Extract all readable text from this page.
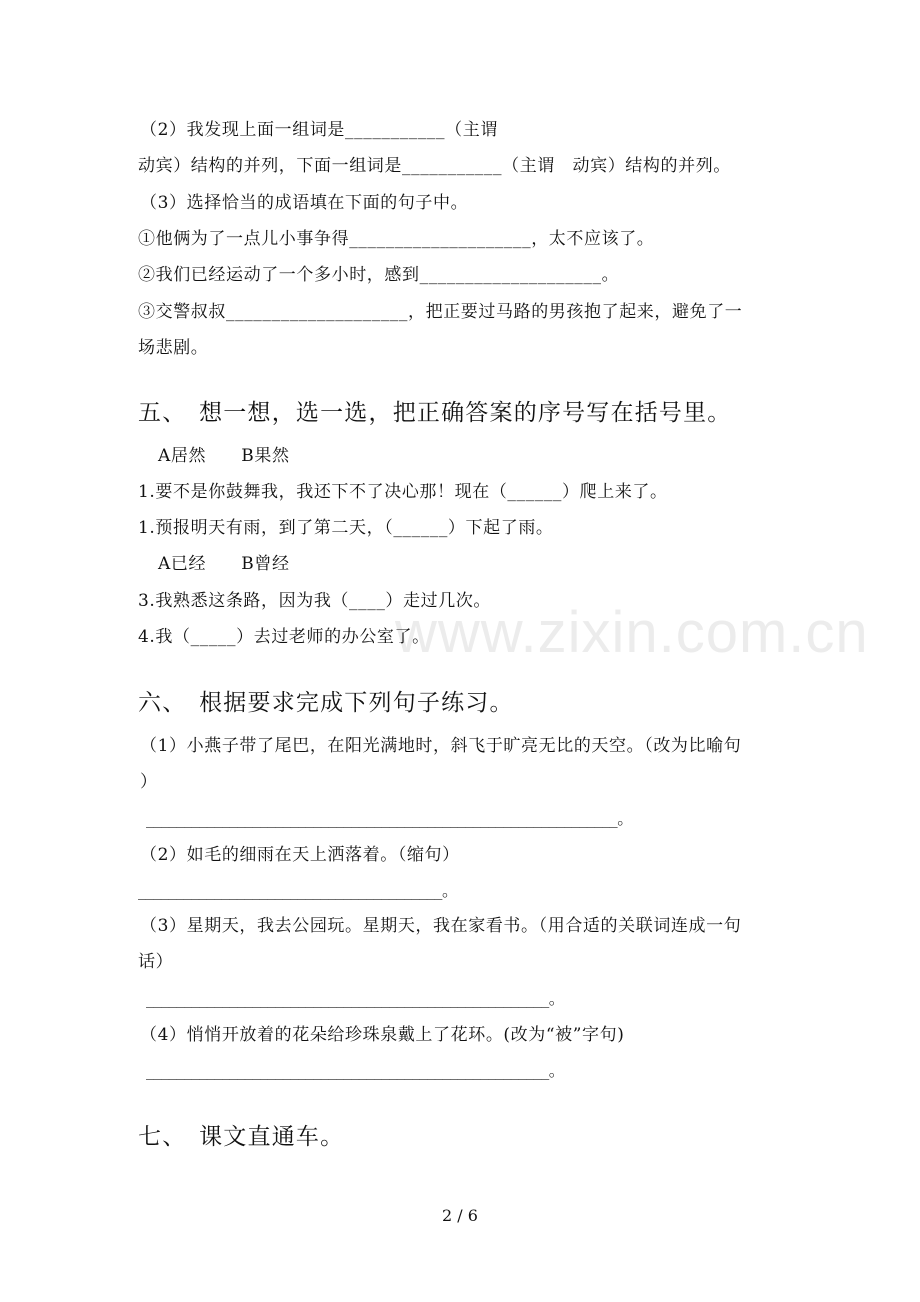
www.zixin.com.cn
（2）我发现上面一组词是___________（主谓
动宾）结构的并列，下面一组词是___________（主谓　动宾）结构的并列。
（3）选择恰当的成语填在下面的句子中。
①他俩为了一点儿小事争得____________________，太不应该了。
②我们已经运动了一个多小时，感到____________________。
③交警叔叔____________________，把正要过马路的男孩抱了起来，避免了一
场悲剧。
五、　想一想，选一选，把正确答案的序号写在括号里。
A居然　　B果然
1.要不是你鼓舞我，我还下不了决心那！现在（______）爬上来了。
1.预报明天有雨，到了第二天，（______）下起了雨。
A已经　　B曾经
3.我熟悉这条路，因为我（____）走过几次。
4.我（_____）去过老师的办公室了。
六、　根据要求完成下列句子练习。
（1）小燕子带了尾巴，在阳光满地时，斜飞于旷亮无比的天空。（改为比喻句
）
______________________________________________________________。
（2）如毛的细雨在天上洒落着。（缩句）
________________________________________。
（3）星期天，我去公园玩。星期天，我在家看书。（用合适的关联词连成一句
话）
_____________________________________________________。
（4）悄悄开放着的花朵给珍珠泉戴上了花环。(改为“被”字句)
_____________________________________________________。
七、　课文直通车。
2 / 6
